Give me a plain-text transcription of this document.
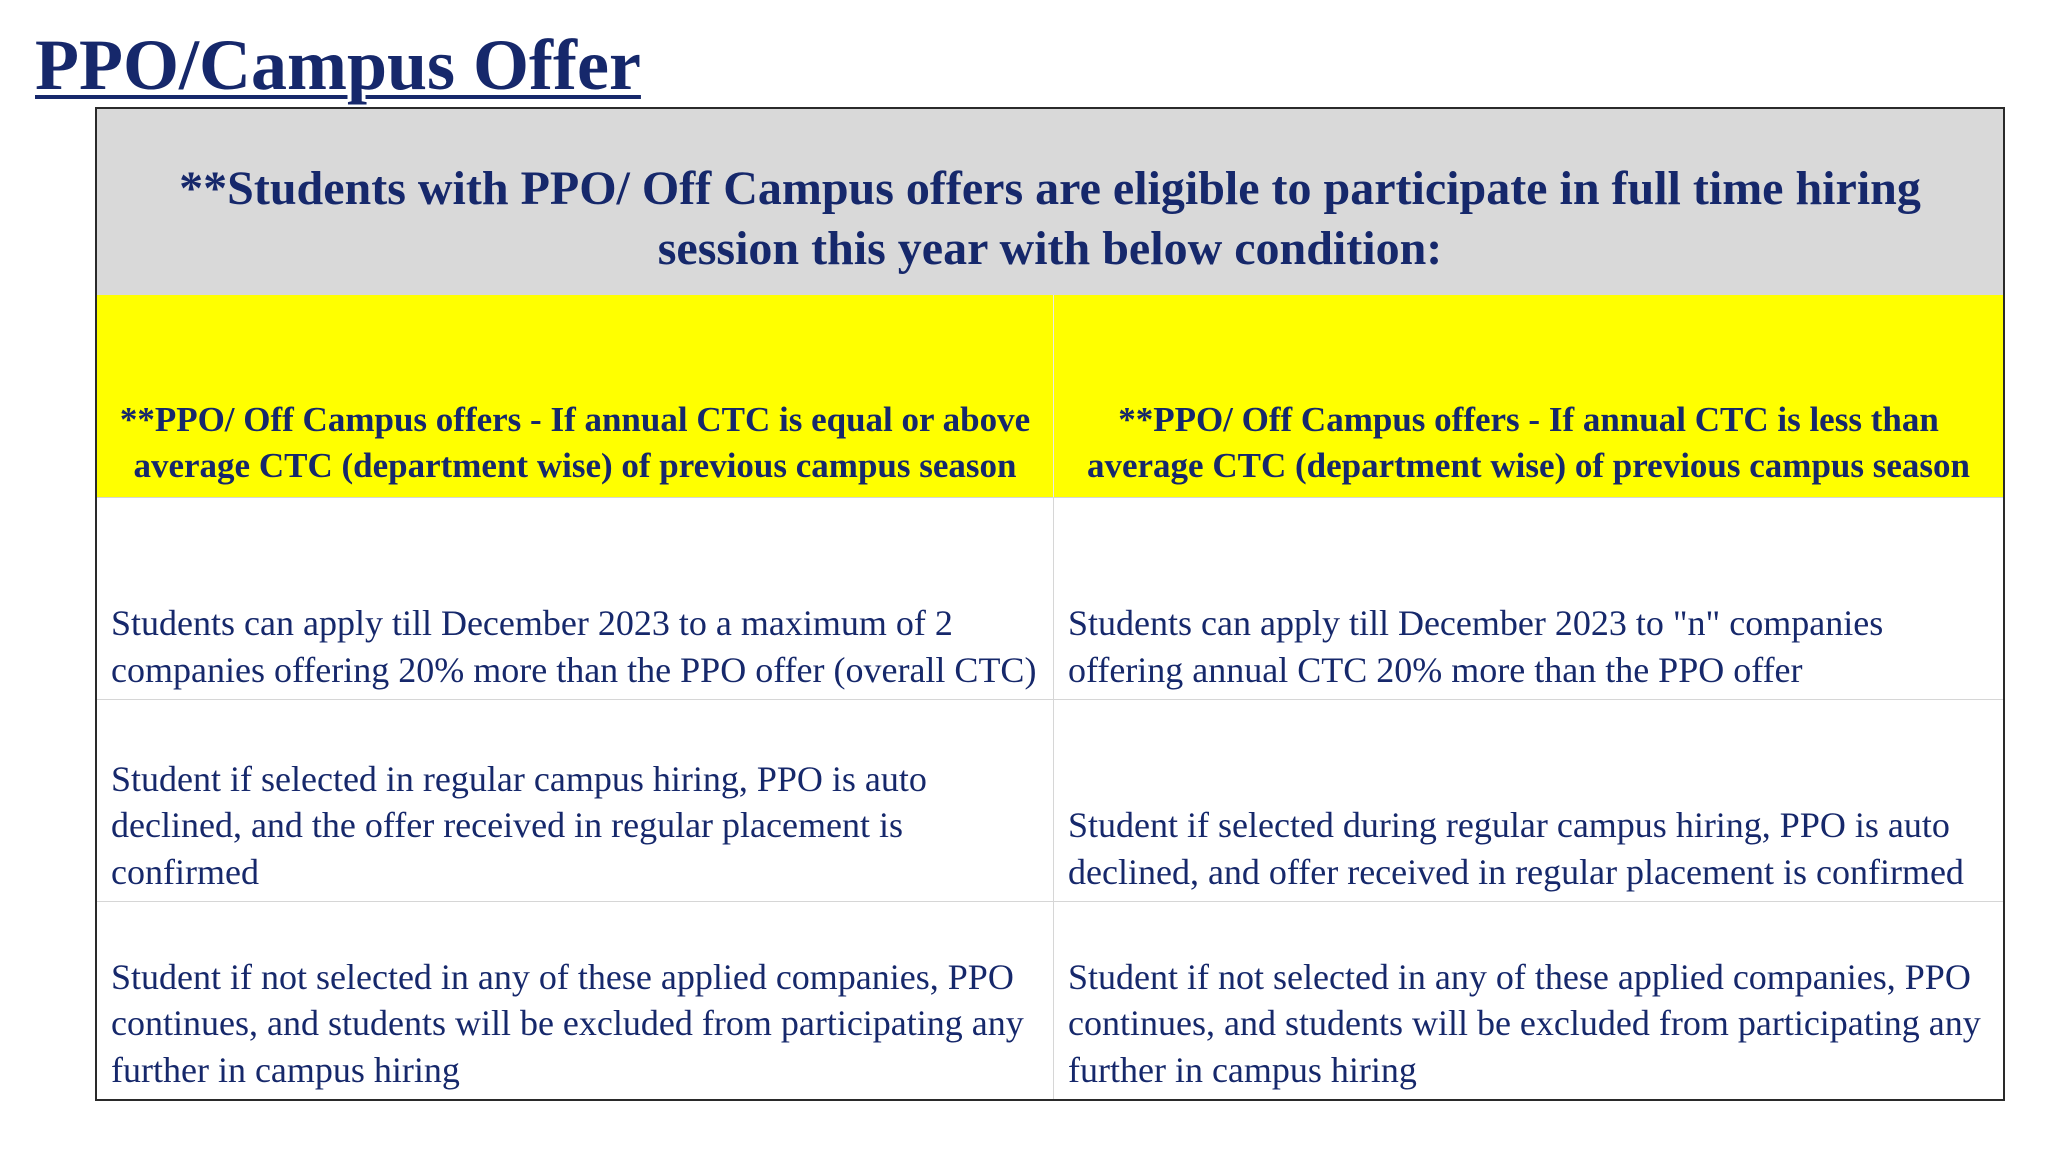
PPO/Campus Offer
**Students with PPO/ Off Campus offers are eligible to participate in full time hiring session this year with below condition:
**PPO/ Off Campus offers - If annual CTC is equal or above average CTC (department wise) of previous campus season
**PPO/ Off Campus offers - If annual CTC is less than average CTC (department wise) of previous campus season
Students can apply till December 2023 to a maximum of 2 companies offering 20% more than the PPO offer (overall CTC)
Students can apply till December 2023 to "n" companies offering annual CTC 20% more than the PPO offer
Student if selected in regular campus hiring, PPO is auto declined, and the offer received in regular placement is confirmed
Student if selected during regular campus hiring, PPO is auto declined, and offer received in regular placement is confirmed
Student if not selected in any of these applied companies, PPO continues, and students will be excluded from participating any further in campus hiring
Student if not selected in any of these applied companies, PPO continues, and students will be excluded from participating any further in campus hiring
